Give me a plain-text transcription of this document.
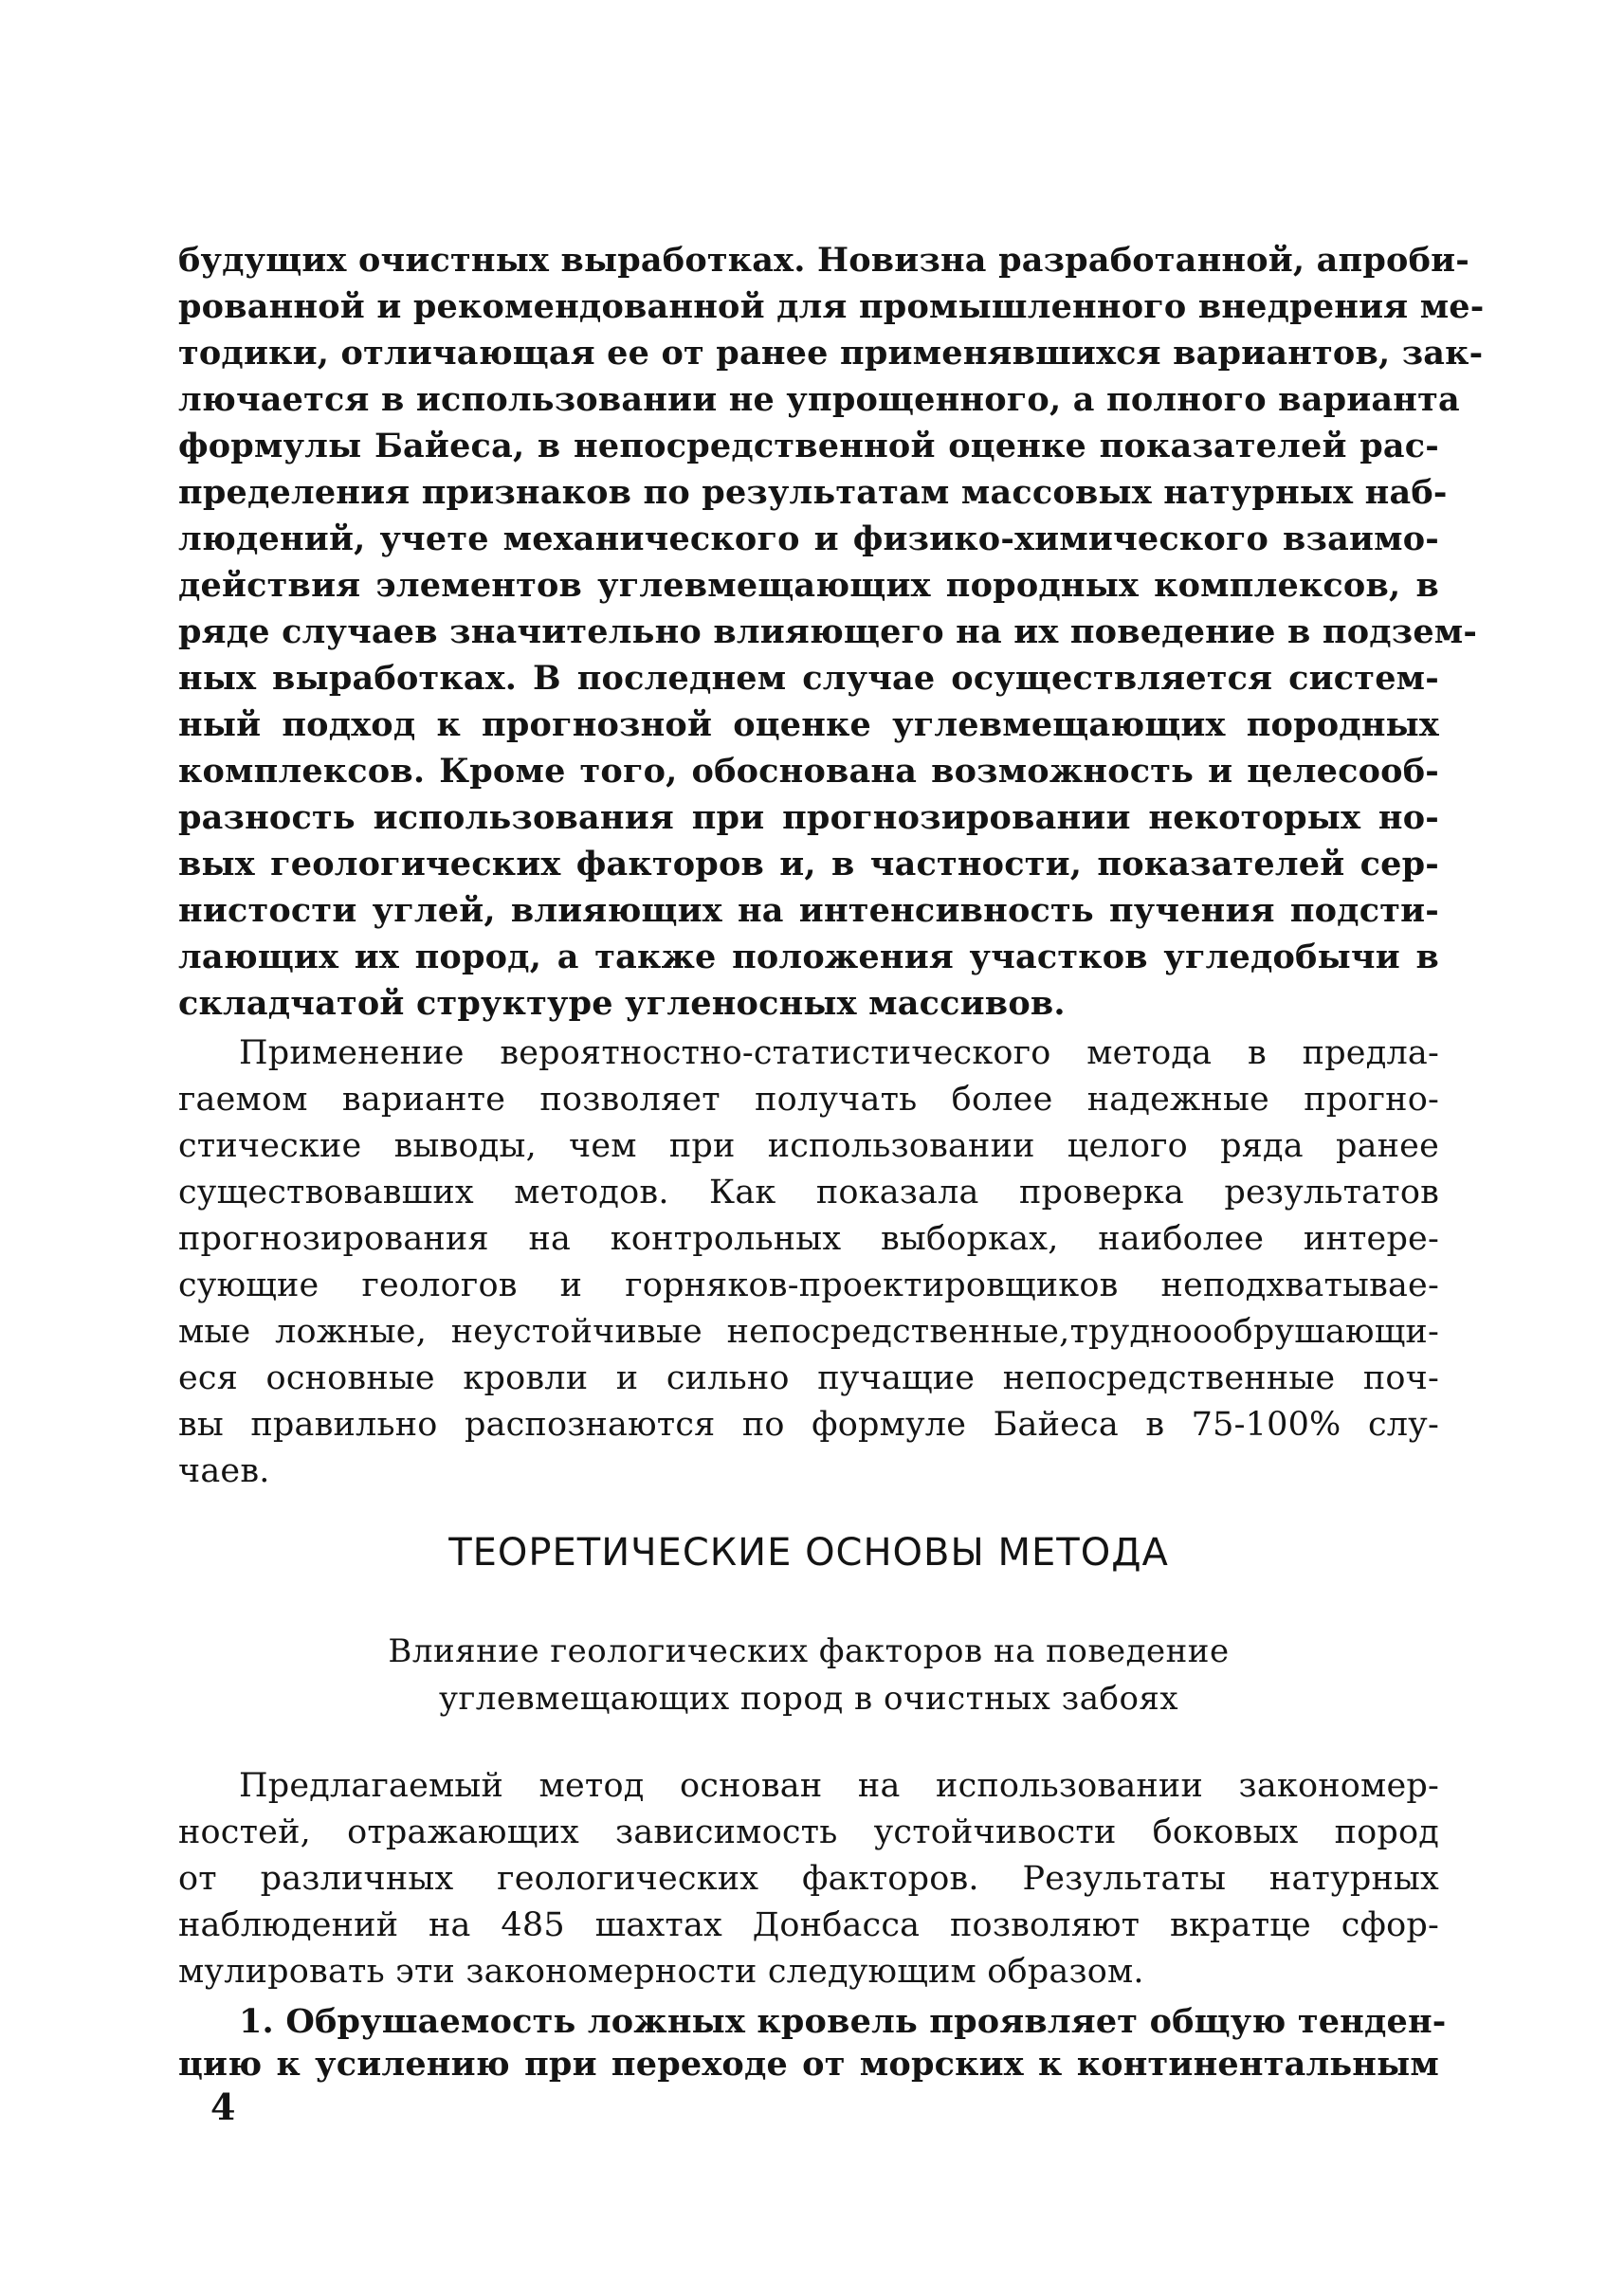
будущих очистных выработках. Новизна разработанной, апроби-
рованной и рекомендованной для промышленного внедрения ме-
тодики, отличающая ее от ранее применявшихся вариантов, зак-
лючается в использовании не упрощенного, а полного варианта
формулы Байеса, в непосредственной оценке показателей рас-
пределения признаков по результатам массовых натурных наб-
людений, учете механического и физико-химического взаимо-
действия элементов углевмещающих породных комплексов, в
ряде случаев значительно влияющего на их поведение в подзем-
ных выработках. В последнем случае осуществляется систем-
ный подход к прогнозной оценке углевмещающих породных
комплексов. Кроме того, обоснована возможность и целесооб-
разность использования при прогнозировании некоторых но-
вых геологических факторов и, в частности, показателей сер-
нистости углей, влияющих на интенсивность пучения подсти-
лающих их пород, а также положения участков угледобычи в
складчатой структуре угленосных массивов.
Применение вероятностно-статистического метода в предла-
гаемом варианте позволяет получать более надежные прогно-
стические выводы, чем при использовании целого ряда ранее
существовавших методов. Как показала проверка результатов
прогнозирования на контрольных выборках, наиболее интере-
сующие геологов и горняков-проектировщиков неподхватывае-
мые ложные, неустойчивые непосредственные,трудноообрушающи-
еся основные кровли и сильно пучащие непосредственные поч-
вы правильно распознаются по формуле Байеса в 75-100% слу-
чаев.
ТЕОРЕТИЧЕСКИЕ ОСНОВЫ МЕТОДА
Влияние геологических факторов на поведение
углевмещающих пород в очистных забоях
Предлагаемый метод основан на использовании закономер-
ностей, отражающих зависимость устойчивости боковых пород
от различных геологических факторов. Результаты натурных
наблюдений на 485 шахтах Донбасса позволяют вкратце сфор-
мулировать эти закономерности следующим образом.
1. Обрушаемость ложных кровель проявляет общую тенден-
цию к усилению при переходе от морских к континентальным
4
